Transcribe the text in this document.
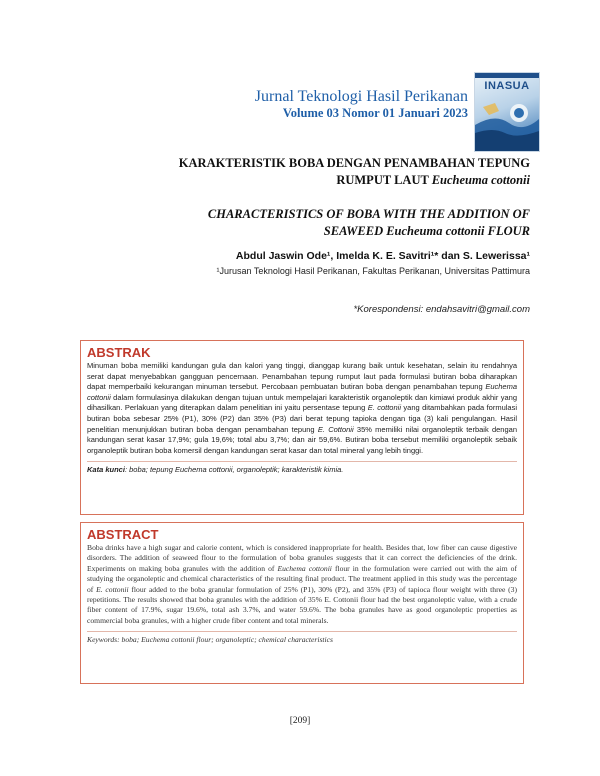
Jurnal Teknologi Hasil Perikanan
Volume 03 Nomor 01 Januari 2023
INASUA
KARAKTERISTIK BOBA DENGAN PENAMBAHAN TEPUNG
RUMPUT LAUT Eucheuma cottonii
CHARACTERISTICS OF BOBA WITH THE ADDITION OF
SEAWEED Eucheuma cottonii FLOUR
Abdul Jaswin Ode¹, Imelda K. E. Savitri¹* dan S. Lewerissa¹
¹Jurusan Teknologi Hasil Perikanan, Fakultas Perikanan, Universitas Pattimura
*Korespondensi: endahsavitri@gmail.com
ABSTRAK

Minuman boba memiliki kandungan gula dan kalori yang tinggi, dianggap kurang baik untuk kesehatan, selain itu rendahnya serat dapat menyebabkan gangguan pencernaan. Penambahan tepung rumput laut pada formulasi butiran boba diharapkan dapat memperbaiki kekurangan minuman tersebut. Percobaan pembuatan butiran boba dengan penambahan tepung Euchema cottonii dalam formulasinya dilakukan dengan tujuan untuk mempelajari karakteristik organoleptik dan kimiawi produk akhir yang dihasilkan. Perlakuan yang diterapkan dalam penelitian ini yaitu persentase tepung E. cottonii yang ditambahkan pada formulasi butiran boba sebesar 25% (P1), 30% (P2) dan 35% (P3) dari berat tepung tapioka dengan tiga (3) kali pengulangan. Hasil penelitian menunjukkan butiran boba dengan penambahan tepung E. Cottonii 35% memiliki nilai organoleptik terbaik dengan kandungan serat kasar 17,9%; gula 19,6%; total abu 3,7%; dan air 59,6%. Butiran boba tersebut memiliki organoleptik sebaik organoleptik butiran boba komersil dengan kandungan serat kasar dan total mineral yang lebih tinggi.

Kata kunci: boba; tepung Euchema cottonii, organoleptik; karakteristik kimia.
ABSTRACT

Boba drinks have a high sugar and calorie content, which is considered inappropriate for health. Besides that, low fiber can cause digestive disorders. The addition of seaweed flour to the formulation of boba granules suggests that it can correct the deficiencies of the drink. Experiments on making boba granules with the addition of Euchema cottonii flour in the formulation were carried out with the aim of studying the organoleptic and chemical characteristics of the resulting final product. The treatment applied in this study was the percentage of E. cottonii flour added to the boba granular formulation of 25% (P1), 30% (P2), and 35% (P3) of tapioca flour weight with three (3) repetitions. The results showed that boba granules with the addition of 35% E. Cottonii flour had the best organoleptic value, with a crude fiber content of 17.9%, sugar 19.6%, total ash 3.7%, and water 59.6%. The boba granules have as good organoleptic properties as commercial boba granules, with a higher crude fiber content and total minerals.

Keywords: boba; Euchema cottonii flour; organoleptic; chemical characteristics
[209]
